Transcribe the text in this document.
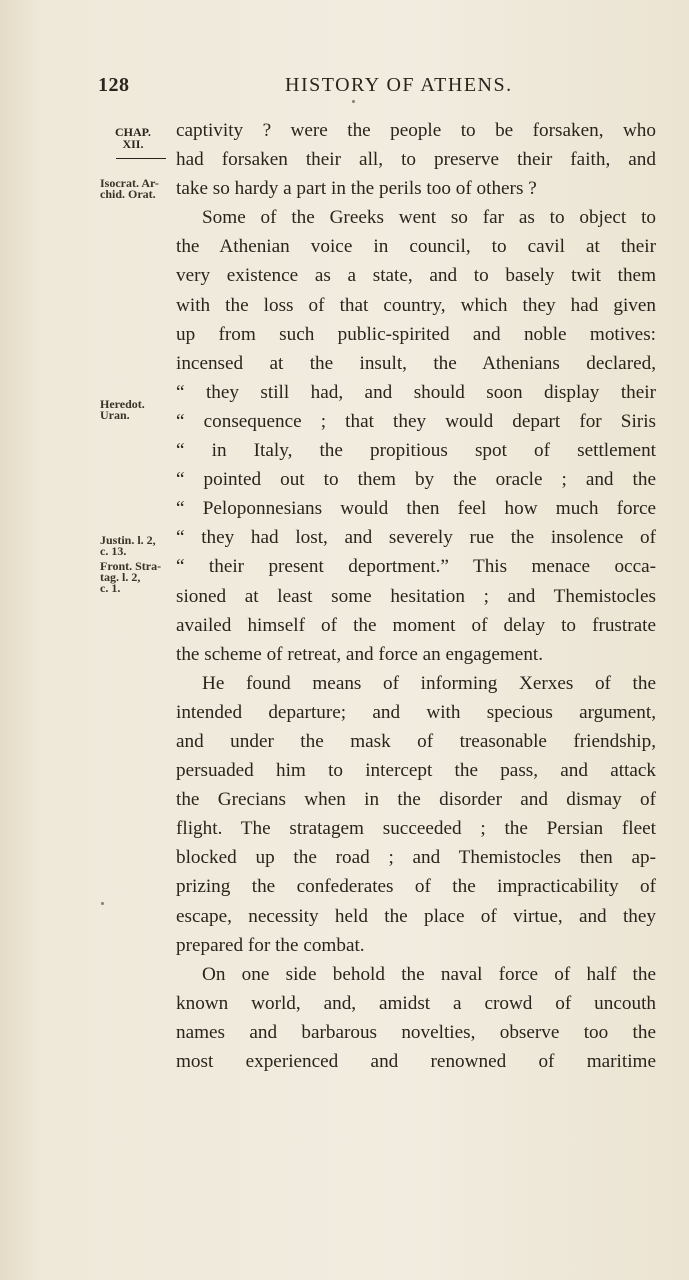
128	HISTORY OF ATHENS.
CHAP.
XII.
Isocrat. Ar-
chid. Orat.
Heredot.
Uran.
Justin. l. 2,
c. 13.
Front. Stra-
tag. l. 2,
c. 1.
captivity ? were the people to be forsaken, who
had forsaken their all, to preserve their faith, and
take so hardy a part in the perils too of others ?
Some of the Greeks went so far as to object to
the Athenian voice in council, to cavil at their
very existence as a state, and to basely twit them
with the loss of that country, which they had given
up from such public-spirited and noble motives:
incensed at the insult, the Athenians declared,
“ they still had, and should soon display their
“ consequence ; that they would depart for Siris
“ in Italy, the propitious spot of settlement
“ pointed out to them by the oracle ; and the
“ Peloponnesians would then feel how much force
“ they had lost, and severely rue the insolence of
“ their present deportment.” This menace occa-
sioned at least some hesitation ; and Themistocles
availed himself of the moment of delay to frustrate
the scheme of retreat, and force an engagement.
He found means of informing Xerxes of the
intended departure; and with specious argument,
and under the mask of treasonable friendship,
persuaded him to intercept the pass, and attack
the Grecians when in the disorder and dismay of
flight. The stratagem succeeded ; the Persian fleet
blocked up the road ; and Themistocles then ap-
prizing the confederates of the impracticability of
escape, necessity held the place of virtue, and they
prepared for the combat.
On one side behold the naval force of half the
known world, and, amidst a crowd of uncouth
names and barbarous novelties, observe too the
most experienced and renowned of maritime
